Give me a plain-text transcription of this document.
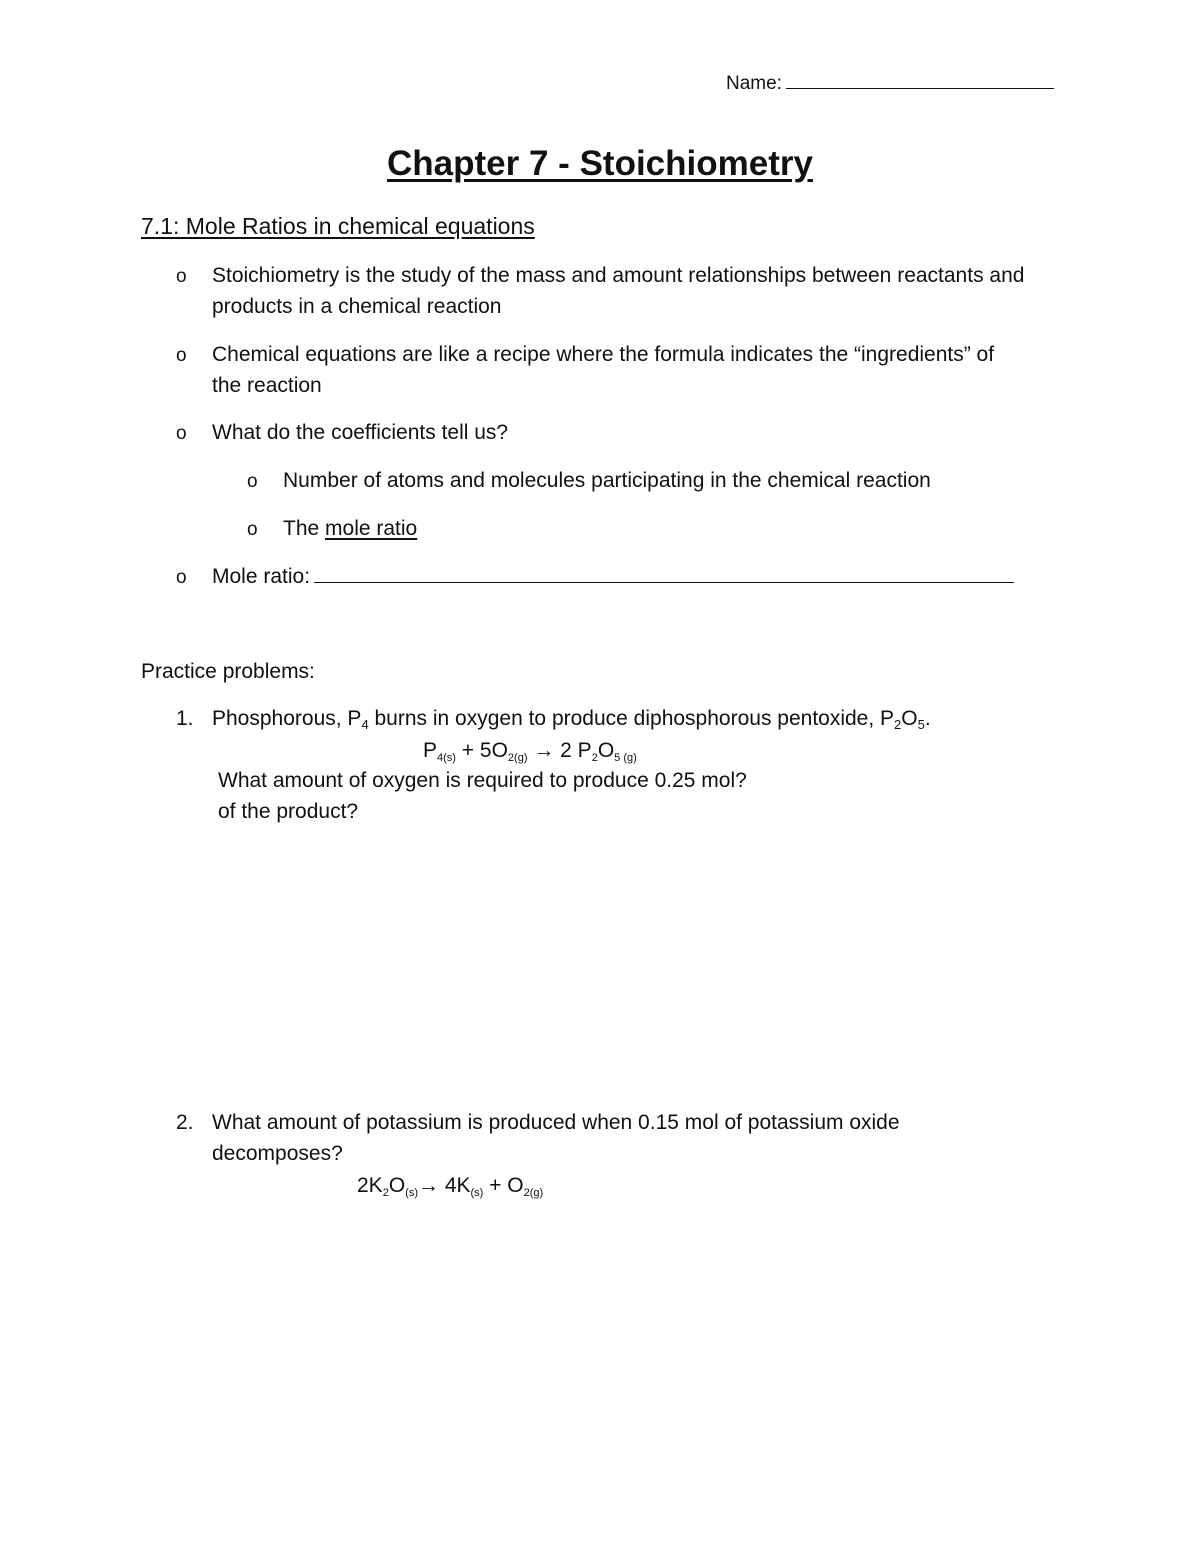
Name:
Chapter 7 - Stoichiometry
7.1: Mole Ratios in chemical equations
o Stoichiometry is the study of the mass and amount relationships between reactants and
products in a chemical reaction
o Chemical equations are like a recipe where the formula indicates the “ingredients” of
the reaction
o What do the coefficients tell us?
o Number of atoms and molecules participating in the chemical reaction
o The mole ratio
o Mole ratio:
Practice problems:
1. Phosphorous, $P_4$ burns in oxygen to produce diphosphorous pentoxide, $P_2O_5$.
$P_{4(s)} + 5O_{2(g)} \to 2$ $P_2O_{5 (g)}$
What amount of oxygen is required to produce 0.25 mol?
of the product?
2. What amount of potassium is produced when 0.15 mol of potassium oxide
decomposes?
$2K_2O_{(s)}\to 4K_{(s)} + O_{2(g)}$
